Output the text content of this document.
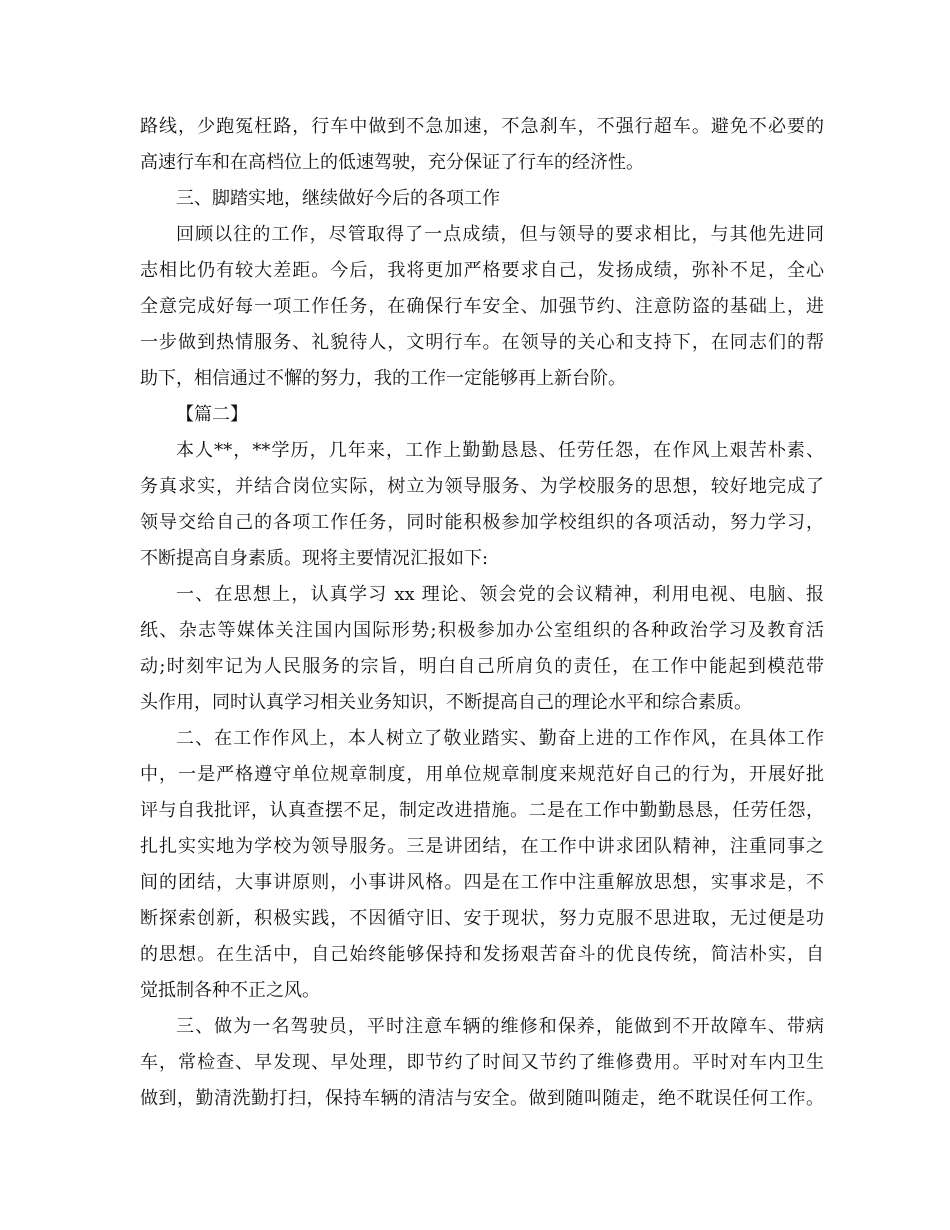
路线，少跑冤枉路，行车中做到不急加速，不急刹车，不强行超车。避免不必要的
高速行车和在高档位上的低速驾驶，充分保证了行车的经济性。
三、脚踏实地，继续做好今后的各项工作
回顾以往的工作，尽管取得了一点成绩，但与领导的要求相比，与其他先进同
志相比仍有较大差距。今后，我将更加严格要求自己，发扬成绩，弥补不足，全心
全意完成好每一项工作任务，在确保行车安全、加强节约、注意防盗的基础上，进
一步做到热情服务、礼貌待人，文明行车。在领导的关心和支持下，在同志们的帮
助下，相信通过不懈的努力，我的工作一定能够再上新台阶。
【篇二】
本人**，**学历，几年来，工作上勤勤恳恳、任劳任怨，在作风上艰苦朴素、
务真求实，并结合岗位实际，树立为领导服务、为学校服务的思想，较好地完成了
领导交给自己的各项工作任务，同时能积极参加学校组织的各项活动，努力学习，
不断提高自身素质。现将主要情况汇报如下:
一、在思想上，认真学习 xx 理论、领会党的会议精神，利用电视、电脑、报
纸、杂志等媒体关注国内国际形势;积极参加办公室组织的各种政治学习及教育活
动;时刻牢记为人民服务的宗旨，明白自己所肩负的责任，在工作中能起到模范带
头作用，同时认真学习相关业务知识，不断提高自己的理论水平和综合素质。
二、在工作作风上，本人树立了敬业踏实、勤奋上进的工作作风，在具体工作
中，一是严格遵守单位规章制度，用单位规章制度来规范好自己的行为，开展好批
评与自我批评，认真查摆不足，制定改进措施。二是在工作中勤勤恳恳，任劳任怨，
扎扎实实地为学校为领导服务。三是讲团结，在工作中讲求团队精神，注重同事之
间的团结，大事讲原则，小事讲风格。四是在工作中注重解放思想，实事求是，不
断探索创新，积极实践，不因循守旧、安于现状，努力克服不思进取，无过便是功
的思想。在生活中，自己始终能够保持和发扬艰苦奋斗的优良传统，简洁朴实，自
觉抵制各种不正之风。
三、做为一名驾驶员，平时注意车辆的维修和保养，能做到不开故障车、带病
车，常检查、早发现、早处理，即节约了时间又节约了维修费用。平时对车内卫生
做到，勤清洗勤打扫，保持车辆的清洁与安全。做到随叫随走，绝不耽误任何工作。
